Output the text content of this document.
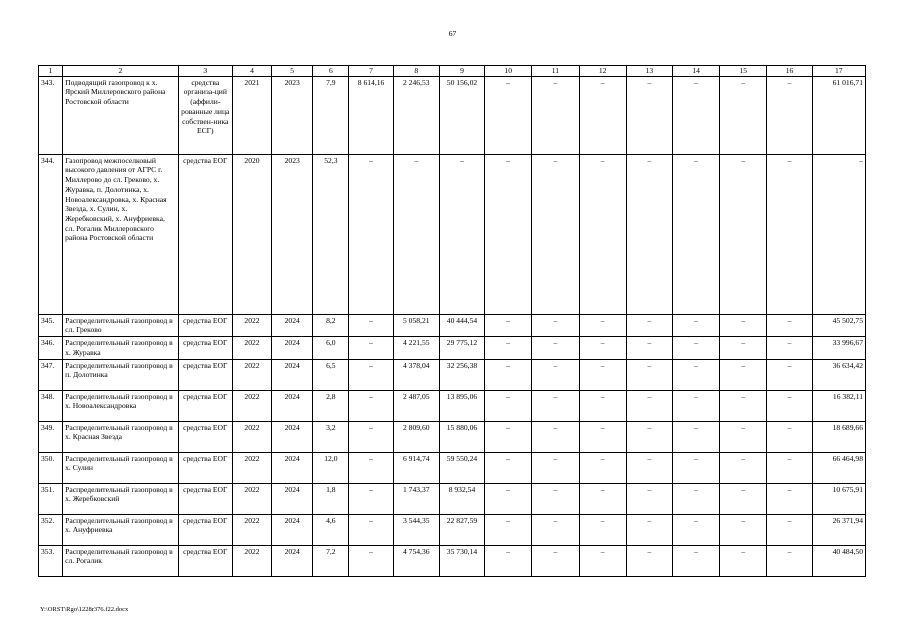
67
1	2	3	4	5	6	7	8	9	10	11	12	13	14	15	16	17
343.	Подводящий газопровод к х. Ярский Миллеровского района Ростовской области	средства организа-ций (аффили-рованные лица собствен-ника ЕСГ)	2021	2023	7,9	8 614,16	2 246,53	50 156,02	–	–	–	–	–	–	–	61 016,71
344.	Газопровод межпоселковый высокого давления от АГРС г. Миллерово до сл. Греково, х. Журавка, п. Долотинка, х. Новоалександровка, х. Красная Звезда, х. Сулин, х. Жеребковский, х. Ануфриевка, сл. Рогалик Миллеровского района Ростовской области	средства ЕОГ	2020	2023	52,3	–	–	–	–	–	–	–	–	–	–	–
345.	Распределительный газопровод в сл. Греково	средства ЕОГ	2022	2024	8,2	–	5 058,21	40 444,54	–	–	–	–	–	–	–	45 502,75
346.	Распределительный газопровод в х. Журавка	средства ЕОГ	2022	2024	6,0	–	4 221,55	29 775,12	–	–	–	–	–	–	–	33 996,67
347.	Распределительный газопровод в п. Долотинка	средства ЕОГ	2022	2024	6,5	–	4 378,04	32 256,38	–	–	–	–	–	–	–	36 634,42
348.	Распределительный газопровод в х. Новоалександровка	средства ЕОГ	2022	2024	2,8	–	2 487,05	13 895,06	–	–	–	–	–	–	–	16 382,11
349.	Распределительный газопровод в х. Красная Звезда	средства ЕОГ	2022	2024	3,2	–	2 809,60	15 880,06	–	–	–	–	–	–	–	18 689,66
350.	Распределительный газопровод в х. Сулин	средства ЕОГ	2022	2024	12,0	–	6 914,74	59 550,24	–	–	–	–	–	–	–	66 464,98
351.	Распределительный газопровод в х. Жеребковский	средства ЕОГ	2022	2024	1,8	–	1 743,37	8 932,54	–	–	–	–	–	–	–	10 675,91
352.	Распределительный газопровод в х. Ануфриевка	средства ЕОГ	2022	2024	4,6	–	3 544,35	22 827,59	–	–	–	–	–	–	–	26 371,94
353.	Распределительный газопровод в сл. Рогалик	средства ЕОГ	2022	2024	7,2	–	4 754,36	35 730,14	–	–	–	–	–	–	–	40 484,50
Y:\ORST\Rgo\1228r376.f22.docx
